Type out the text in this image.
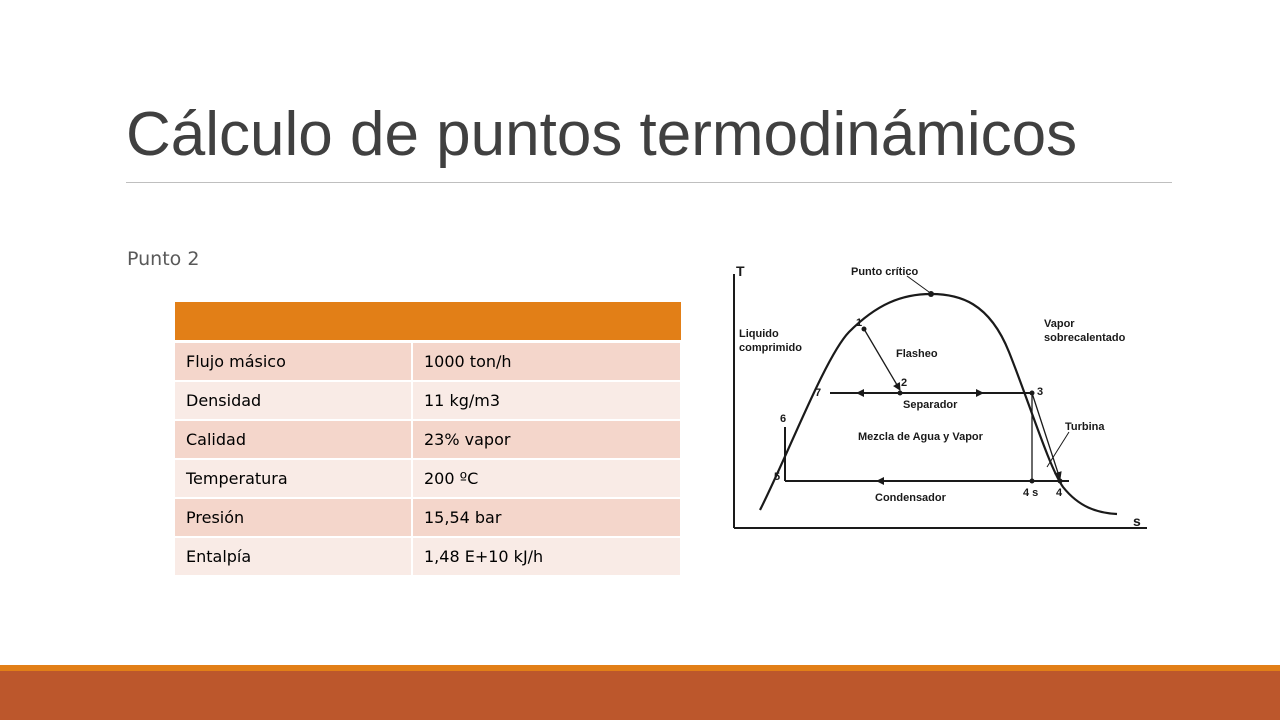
Cálculo de puntos termodinámicos
Punto 2

Flujo másico	1000 ton/h
Densidad	11 kg/m3
Calidad	23% vapor
Temperatura	200 ºC
Presión	15,54 bar
Entalpía	1,48 E+10 kJ/h
T
s
Punto crítico
Liquido
comprimido
Vapor
sobrecalentado
Flasheo
Separador
Mezcla de Agua y Vapor
Turbina
Condensador
1
2
3
4 s 4
5
6
7
